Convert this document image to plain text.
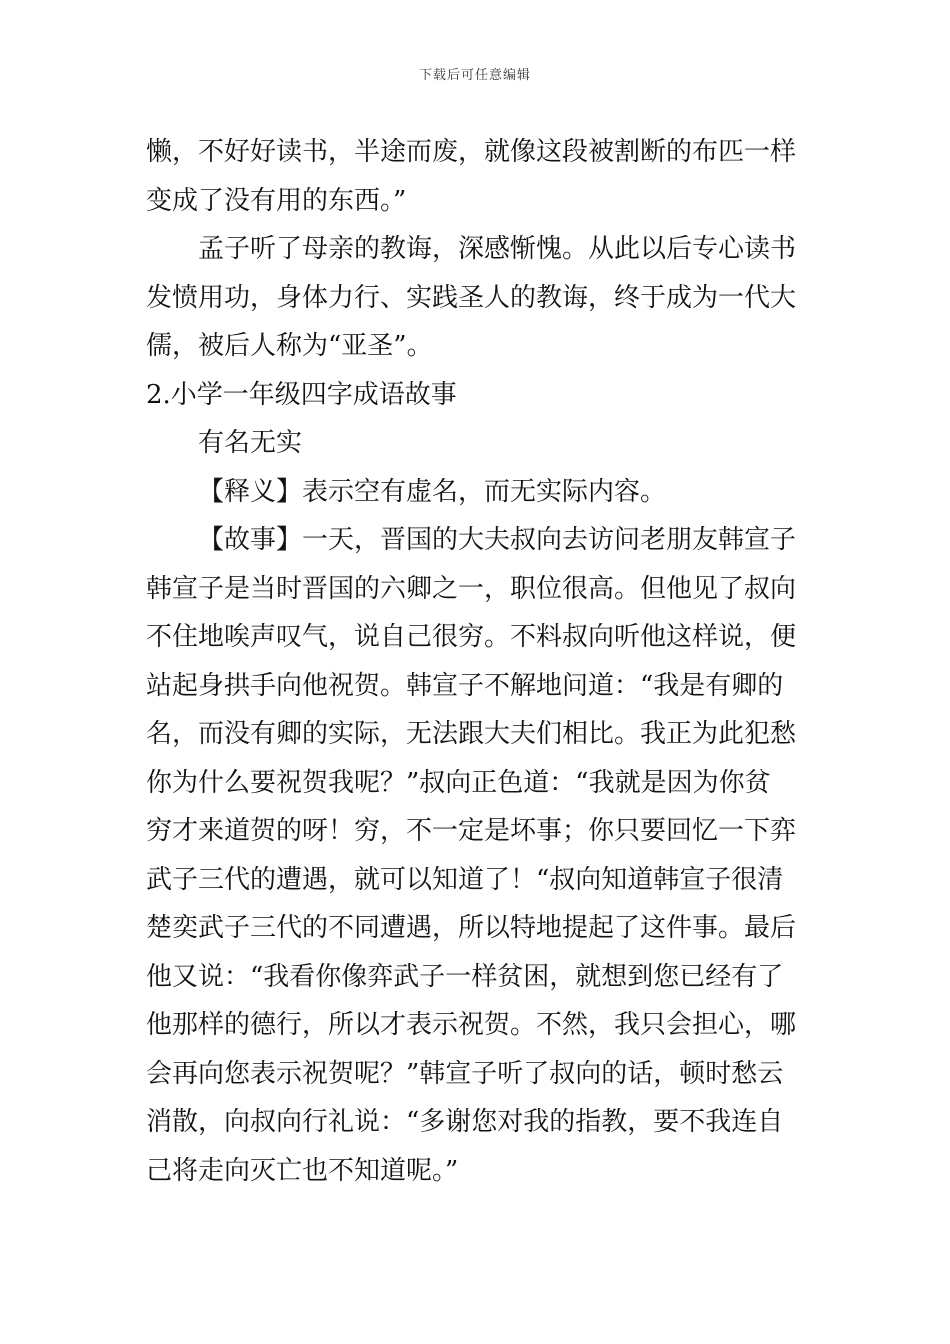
下载后可任意编辑
懒，不好好读书，半途而废，就像这段被割断的布匹一样
变成了没有用的东西。”
孟子听了母亲的教诲，深感惭愧。从此以后专心读书
发愤用功，身体力行、实践圣人的教诲，终于成为一代大
儒，被后人称为“亚圣”。
2.小学一年级四字成语故事
有名无实
【释义】表示空有虚名，而无实际内容。
【故事】一天，晋国的大夫叔向去访问老朋友韩宣子
韩宣子是当时晋国的六卿之一，职位很高。但他见了叔向
不住地唉声叹气，说自己很穷。不料叔向听他这样说，便
站起身拱手向他祝贺。韩宣子不解地问道：“我是有卿的
名，而没有卿的实际，无法跟大夫们相比。我正为此犯愁
你为什么要祝贺我呢？”叔向正色道：“我就是因为你贫
穷才来道贺的呀！穷，不一定是坏事；你只要回忆一下弈
武子三代的遭遇，就可以知道了！“叔向知道韩宣子很清
楚奕武子三代的不同遭遇，所以特地提起了这件事。最后
他又说：“我看你像弈武子一样贫困，就想到您已经有了
他那样的德行，所以才表示祝贺。不然，我只会担心，哪
会再向您表示祝贺呢？”韩宣子听了叔向的话，顿时愁云
消散，向叔向行礼说：“多谢您对我的指教，要不我连自
己将走向灭亡也不知道呢。”
